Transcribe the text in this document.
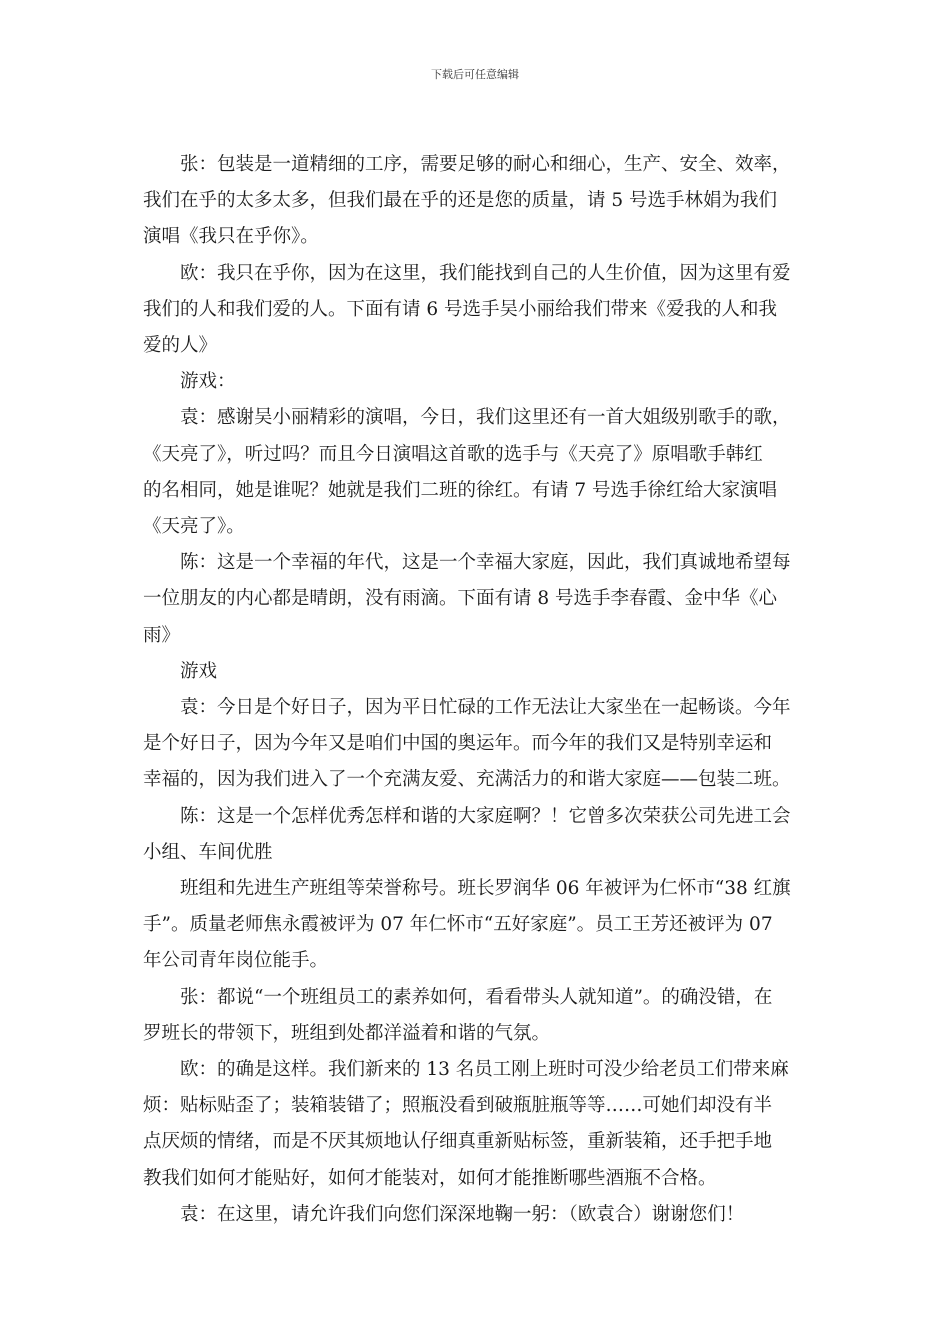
下载后可任意编辑

张：包装是一道精细的工序，需要足够的耐心和细心，生产、安全、效率，
我们在乎的太多太多，但我们最在乎的还是您的质量，请 5 号选手林娟为我们
演唱《我只在乎你》。

欧：我只在乎你，因为在这里，我们能找到自己的人生价值，因为这里有爱
我们的人和我们爱的人。下面有请 6 号选手吴小丽给我们带来《爱我的人和我
爱的人》

游戏：

袁：感谢吴小丽精彩的演唱，今日，我们这里还有一首大姐级别歌手的歌，
《天亮了》，听过吗？而且今日演唱这首歌的选手与《天亮了》原唱歌手韩红
的名相同，她是谁呢？她就是我们二班的徐红。有请 7 号选手徐红给大家演唱
《天亮了》。

陈：这是一个幸福的年代，这是一个幸福大家庭，因此，我们真诚地希望每
一位朋友的内心都是晴朗，没有雨滴。下面有请 8 号选手李春霞、金中华《心
雨》

游戏

袁：今日是个好日子，因为平日忙碌的工作无法让大家坐在一起畅谈。今年
是个好日子，因为今年又是咱们中国的奥运年。而今年的我们又是特别幸运和
幸福的，因为我们进入了一个充满友爱、充满活力的和谐大家庭——包装二班。

陈：这是一个怎样优秀怎样和谐的大家庭啊？！它曾多次荣获公司先进工会
小组、车间优胜

班组和先进生产班组等荣誉称号。班长罗润华 06 年被评为仁怀市“38 红旗
手”。质量老师焦永霞被评为 07 年仁怀市“五好家庭”。员工王芳还被评为 07
年公司青年岗位能手。

张：都说“一个班组员工的素养如何，看看带头人就知道”。的确没错，在
罗班长的带领下，班组到处都洋溢着和谐的气氛。

欧：的确是这样。我们新来的 13 名员工刚上班时可没少给老员工们带来麻
烦：贴标贴歪了；装箱装错了；照瓶没看到破瓶脏瓶等等……可她们却没有半
点厌烦的情绪，而是不厌其烦地认仔细真重新贴标签，重新装箱，还手把手地
教我们如何才能贴好，如何才能装对，如何才能推断哪些酒瓶不合格。

袁：在这里，请允许我们向您们深深地鞠一躬：（欧袁合）谢谢您们！
